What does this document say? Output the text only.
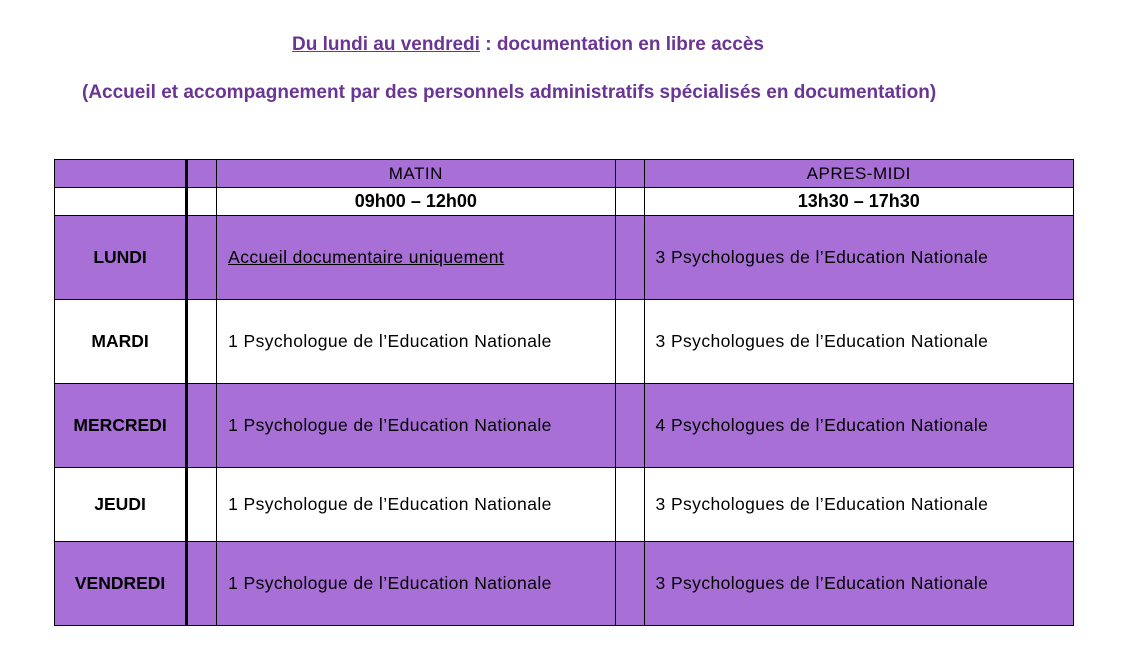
Du lundi au vendredi : documentation en libre accès
(Accueil et accompagnement par des personnels administratifs spécialisés en documentation)
		MATIN		APRES-MIDI
		09h00 – 12h00		13h30 – 17h30
LUNDI		Accueil documentaire uniquement		3 Psychologues de l’Education Nationale
MARDI		1 Psychologue de l’Education Nationale		3 Psychologues de l’Education Nationale
MERCREDI		1 Psychologue de l’Education Nationale		4 Psychologues de l’Education Nationale
JEUDI		1 Psychologue de l’Education Nationale		3 Psychologues de l’Education Nationale
VENDREDI		1 Psychologue de l’Education Nationale		3 Psychologues de l’Education Nationale
